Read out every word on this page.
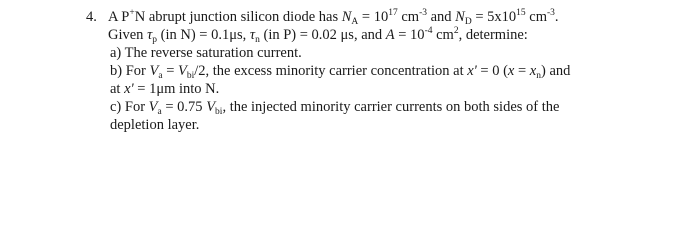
4. A P+N abrupt junction silicon diode has $N_A = 10^{17}$ $cm^{-3}$ and $N_D = 5x10^{15}$ $cm^{-3}$.
Given $\tau_p$ (in N) = 0.1μs, $\tau_n$ (in P) = 0.02 μs, and $A = 10^{-4}$ $cm^2$, determine:
a) The reverse saturation current.
b) For $V_a = V_{bi}/2$, the excess minority carrier concentration at x' = 0 $(x = x_n)$ and
at x' = 1μm into N.
c) For $V_a = 0.75$ $V_{bi}$, the injected minority carrier currents on both sides of the
depletion layer.
